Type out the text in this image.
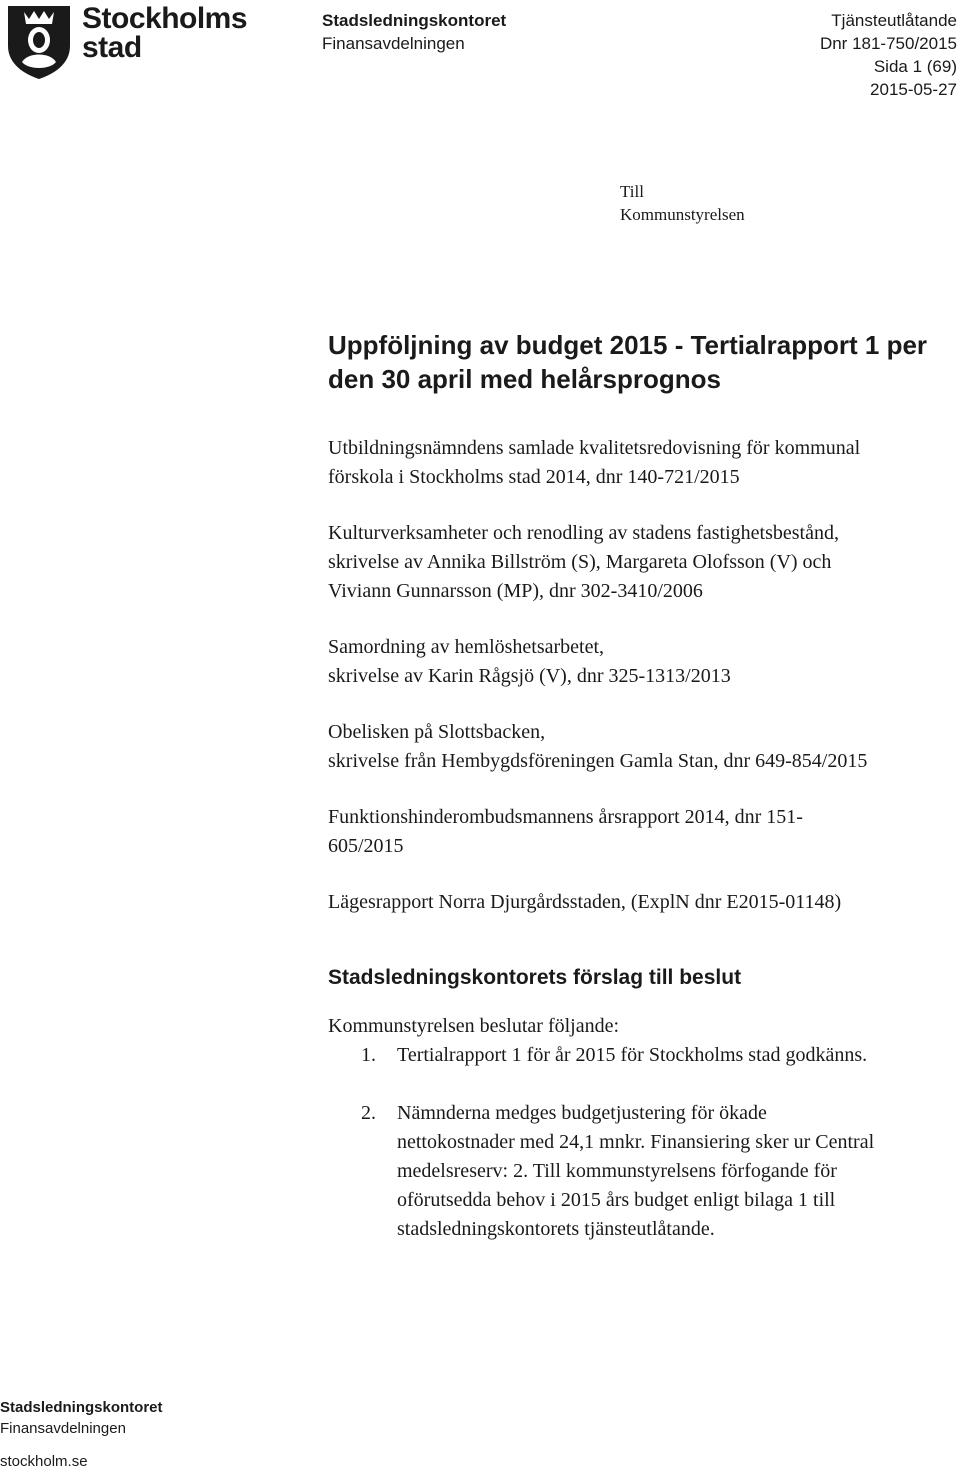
Stockholms
stad
Stadsledningskontoret
Finansavdelningen
Tjänsteutlåtande
Dnr 181-750/2015
Sida 1 (69)
2015-05-27
Till
Kommunstyrelsen
Uppföljning av budget 2015 - Tertialrapport 1 per
den 30 april med helårsprognos

Utbildningsnämndens samlade kvalitetsredovisning för kommunal
förskola i Stockholms stad 2014, dnr 140-721/2015

Kulturverksamheter och renodling av stadens fastighetsbestånd,
skrivelse av Annika Billström (S), Margareta Olofsson (V) och
Viviann Gunnarsson (MP), dnr 302-3410/2006

Samordning av hemlöshetsarbetet,
skrivelse av Karin Rågsjö (V), dnr 325-1313/2013

Obelisken på Slottsbacken,
skrivelse från Hembygdsföreningen Gamla Stan, dnr 649-854/2015

Funktionshinderombudsmannens årsrapport 2014, dnr 151-
605/2015

Lägesrapport Norra Djurgårdsstaden, (ExplN dnr E2015-01148)

Stadsledningskontorets förslag till beslut

Kommunstyrelsen beslutar följande:

1. Tertialrapport 1 för år 2015 för Stockholms stad godkänns.
2. Nämnderna medges budgetjustering för ökade
nettokostnader med 24,1 mnkr. Finansiering sker ur Central
medelsreserv: 2. Till kommunstyrelsens förfogande för
oförutsedda behov i 2015 års budget enligt bilaga 1 till
stadsledningskontorets tjänsteutlåtande.
Stadsledningskontoret
Finansavdelningen
stockholm.se
